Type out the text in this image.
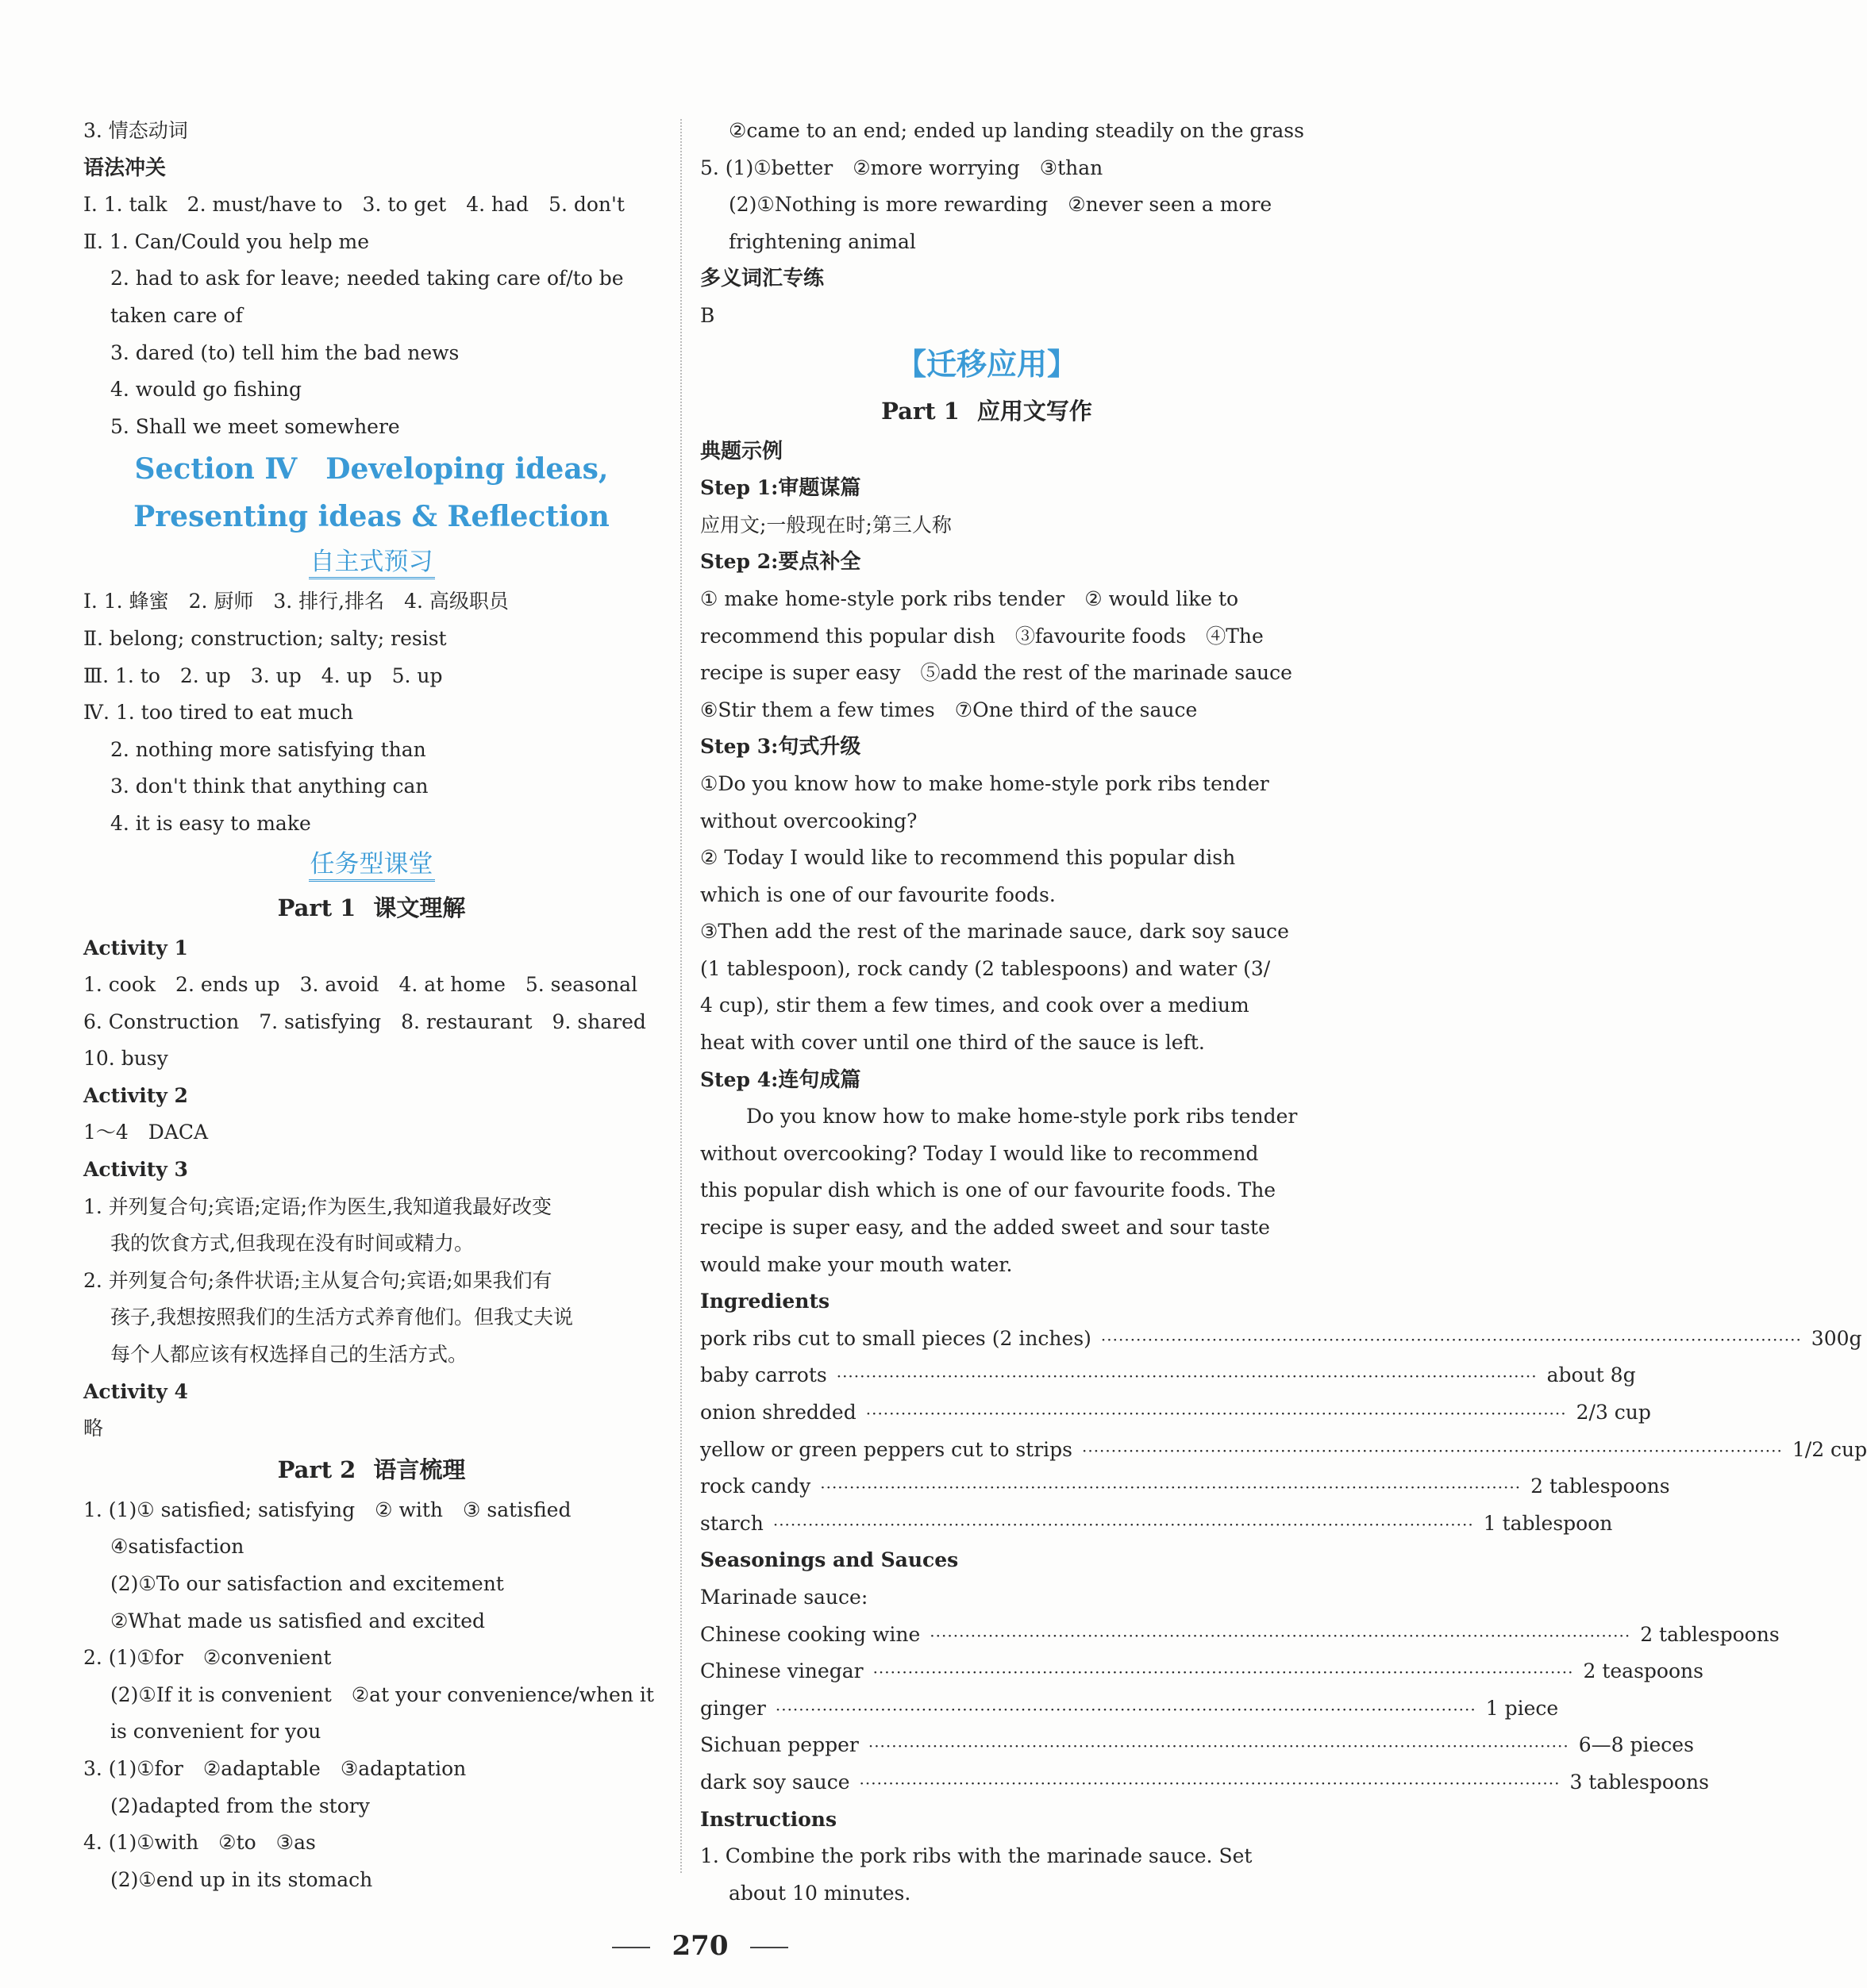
3. 情态动词
语法冲关
Ⅰ. 1. talk　2. must/have to　3. to get　4. had　5. don't
Ⅱ. 1. Can/Could you help me
2. had to ask for leave; needed taking care of/to be
taken care of
3. dared (to) tell him the bad news
4. would go fishing
5. Shall we meet somewhere
Section Ⅳ　Developing ideas,
Presenting ideas & Reflection
自主式预习
Ⅰ. 1. 蜂蜜　2. 厨师　3. 排行,排名　4. 高级职员
Ⅱ. belong; construction; salty; resist
Ⅲ. 1. to　2. up　3. up　4. up　5. up
Ⅳ. 1. too tired to eat much
2. nothing more satisfying than
3. don't think that anything can
4. it is easy to make
任务型课堂
Part 1 课文理解
Activity 1
1. cook　2. ends up　3. avoid　4. at home　5. seasonal
6. Construction　7. satisfying　8. restaurant　9. shared
10. busy
Activity 2
1～4　DACA
Activity 3
1. 并列复合句;宾语;定语;作为医生,我知道我最好改变
我的饮食方式,但我现在没有时间或精力。
2. 并列复合句;条件状语;主从复合句;宾语;如果我们有
孩子,我想按照我们的生活方式养育他们。但我丈夫说
每个人都应该有权选择自己的生活方式。
Activity 4
略
Part 2 语言梳理
1. (1)① satisfied; satisfying　② with　③ satisfied
④satisfaction
(2)①To our satisfaction and excitement
②What made us satisfied and excited
2. (1)①for　②convenient
(2)①If it is convenient　②at your convenience/when it
is convenient for you
3. (1)①for　②adaptable　③adaptation
(2)adapted from the story
4. (1)①with　②to　③as
(2)①end up in its stomach
②came to an end; ended up landing steadily on the grass
5. (1)①better　②more worrying　③than
(2)①Nothing is more rewarding　②never seen a more
frightening animal
多义词汇专练
B
【迁移应用】
Part 1 应用文写作
典题示例
Step 1:审题谋篇
应用文;一般现在时;第三人称
Step 2:要点补全
① make home-style pork ribs tender　② would like to
recommend this popular dish　③favourite foods　④The
recipe is super easy　⑤add the rest of the marinade sauce
⑥Stir them a few times　⑦One third of the sauce
Step 3:句式升级
①Do you know how to make home-style pork ribs tender
without overcooking?
② Today I would like to recommend this popular dish
which is one of our favourite foods.
③Then add the rest of the marinade sauce, dark soy sauce
(1 tablespoon), rock candy (2 tablespoons) and water (3/
4 cup), stir them a few times, and cook over a medium
heat with cover until one third of the sauce is left.
Step 4:连句成篇
Do you know how to make home-style pork ribs tender
without overcooking? Today I would like to recommend
this popular dish which is one of our favourite foods. The
recipe is super easy, and the added sweet and sour taste
would make your mouth water.
Ingredients
pork ribs cut to small pieces (2 inches) ························································································································ 300g
baby carrots ························································································································ about 8g
onion shredded ························································································································ 2/3 cup
yellow or green peppers cut to strips ························································································································ 1/2 cup
rock candy ························································································································ 2 tablespoons
starch ························································································································ 1 tablespoon
Seasonings and Sauces
Marinade sauce:
Chinese cooking wine ························································································································ 2 tablespoons
Chinese vinegar ························································································································ 2 teaspoons
ginger ························································································································ 1 piece
Sichuan pepper ························································································································ 6—8 pieces
dark soy sauce ························································································································ 3 tablespoons
Instructions
1. Combine the pork ribs with the marinade sauce. Set
about 10 minutes.
270
